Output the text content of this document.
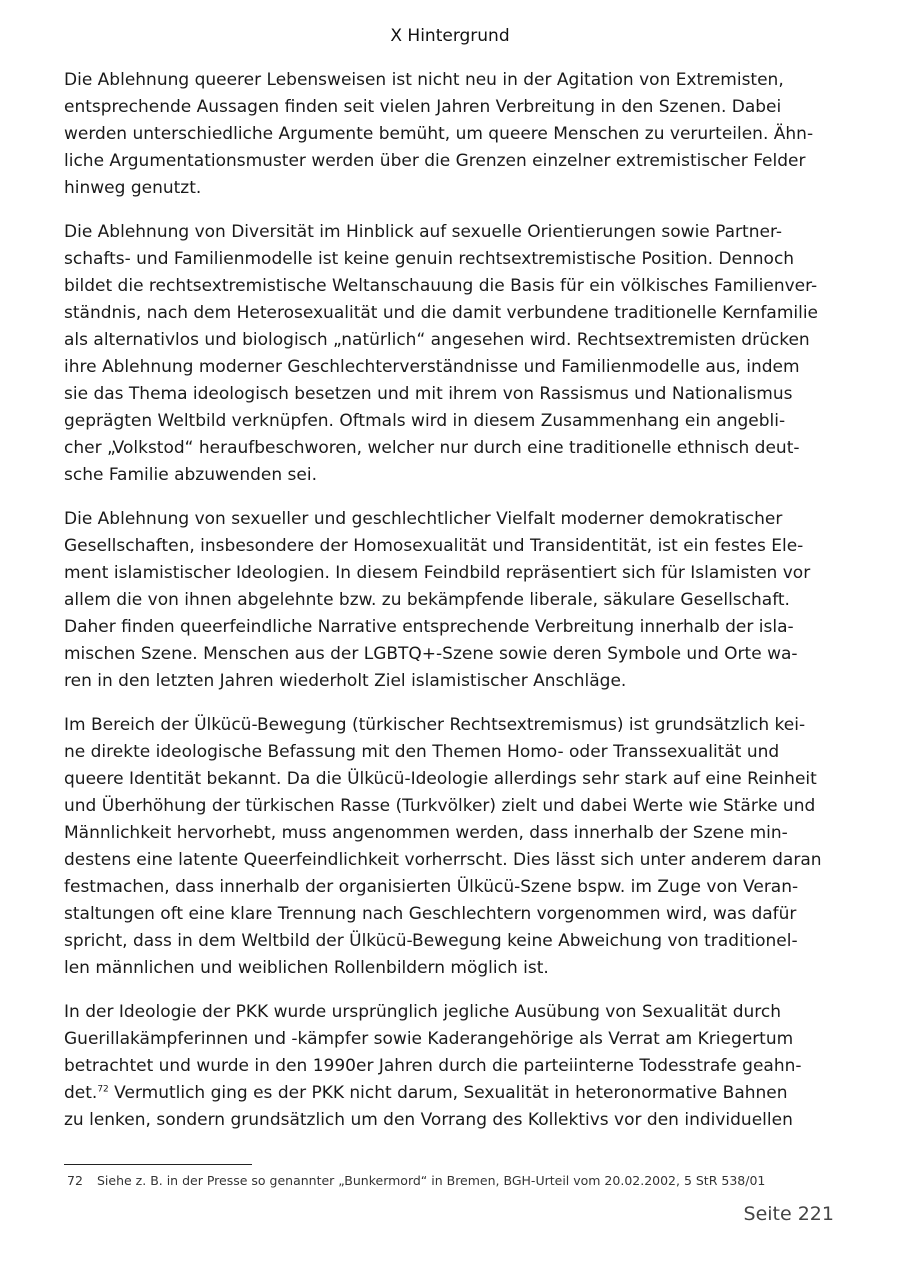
X Hintergrund

Die Ablehnung queerer Lebensweisen ist nicht neu in der Agitation von Extremisten,
entsprechende Aussagen finden seit vielen Jahren Verbreitung in den Szenen. Dabei
werden unterschiedliche Argumente bemüht, um queere Menschen zu verurteilen. Ähn-
liche Argumentationsmuster werden über die Grenzen einzelner extremistischer Felder
hinweg genutzt.

Die Ablehnung von Diversität im Hinblick auf sexuelle Orientierungen sowie Partner-
schafts- und Familienmodelle ist keine genuin rechtsextremistische Position. Dennoch
bildet die rechtsextremistische Weltanschauung die Basis für ein völkisches Familienver-
ständnis, nach dem Heterosexualität und die damit verbundene traditionelle Kernfamilie
als alternativlos und biologisch „natürlich“ angesehen wird. Rechtsextremisten drücken
ihre Ablehnung moderner Geschlechterverständnisse und Familienmodelle aus, indem
sie das Thema ideologisch besetzen und mit ihrem von Rassismus und Nationalismus
geprägten Weltbild verknüpfen. Oftmals wird in diesem Zusammenhang ein angebli-
cher „Volkstod“ heraufbeschworen, welcher nur durch eine traditionelle ethnisch deut-
sche Familie abzuwenden sei.

Die Ablehnung von sexueller und geschlechtlicher Vielfalt moderner demokratischer
Gesellschaften, insbesondere der Homosexualität und Transidentität, ist ein festes Ele-
ment islamistischer Ideologien. In diesem Feindbild repräsentiert sich für Islamisten vor
allem die von ihnen abgelehnte bzw. zu bekämpfende liberale, säkulare Gesellschaft.
Daher finden queerfeindliche Narrative entsprechende Verbreitung innerhalb der isla-
mischen Szene. Menschen aus der LGBTQ+-Szene sowie deren Symbole und Orte wa-
ren in den letzten Jahren wiederholt Ziel islamistischer Anschläge.

Im Bereich der Ülkücü-Bewegung (türkischer Rechtsextremismus) ist grundsätzlich kei-
ne direkte ideologische Befassung mit den Themen Homo- oder Transsexualität und
queere Identität bekannt. Da die Ülkücü-Ideologie allerdings sehr stark auf eine Reinheit
und Überhöhung der türkischen Rasse (Turkvölker) zielt und dabei Werte wie Stärke und
Männlichkeit hervorhebt, muss angenommen werden, dass innerhalb der Szene min-
destens eine latente Queerfeindlichkeit vorherrscht. Dies lässt sich unter anderem daran
festmachen, dass innerhalb der organisierten Ülkücü-Szene bspw. im Zuge von Veran-
staltungen oft eine klare Trennung nach Geschlechtern vorgenommen wird, was dafür
spricht, dass in dem Weltbild der Ülkücü-Bewegung keine Abweichung von traditionel-
len männlichen und weiblichen Rollenbildern möglich ist.

In der Ideologie der PKK wurde ursprünglich jegliche Ausübung von Sexualität durch
Guerillakämpferinnen und -kämpfer sowie Kaderangehörige als Verrat am Kriegertum
betrachtet und wurde in den 1990er Jahren durch die parteiinterne Todesstrafe geahn-
det.$^{72}$ Vermutlich ging es der PKK nicht darum, Sexualität in heteronormative Bahnen
zu lenken, sondern grundsätzlich um den Vorrang des Kollektivs vor den individuellen

72 Siehe z. B. in der Presse so genannter „Bunkermord“ in Bremen, BGH-Urteil vom 20.02.2002, 5 StR 538/01
Seite 221
